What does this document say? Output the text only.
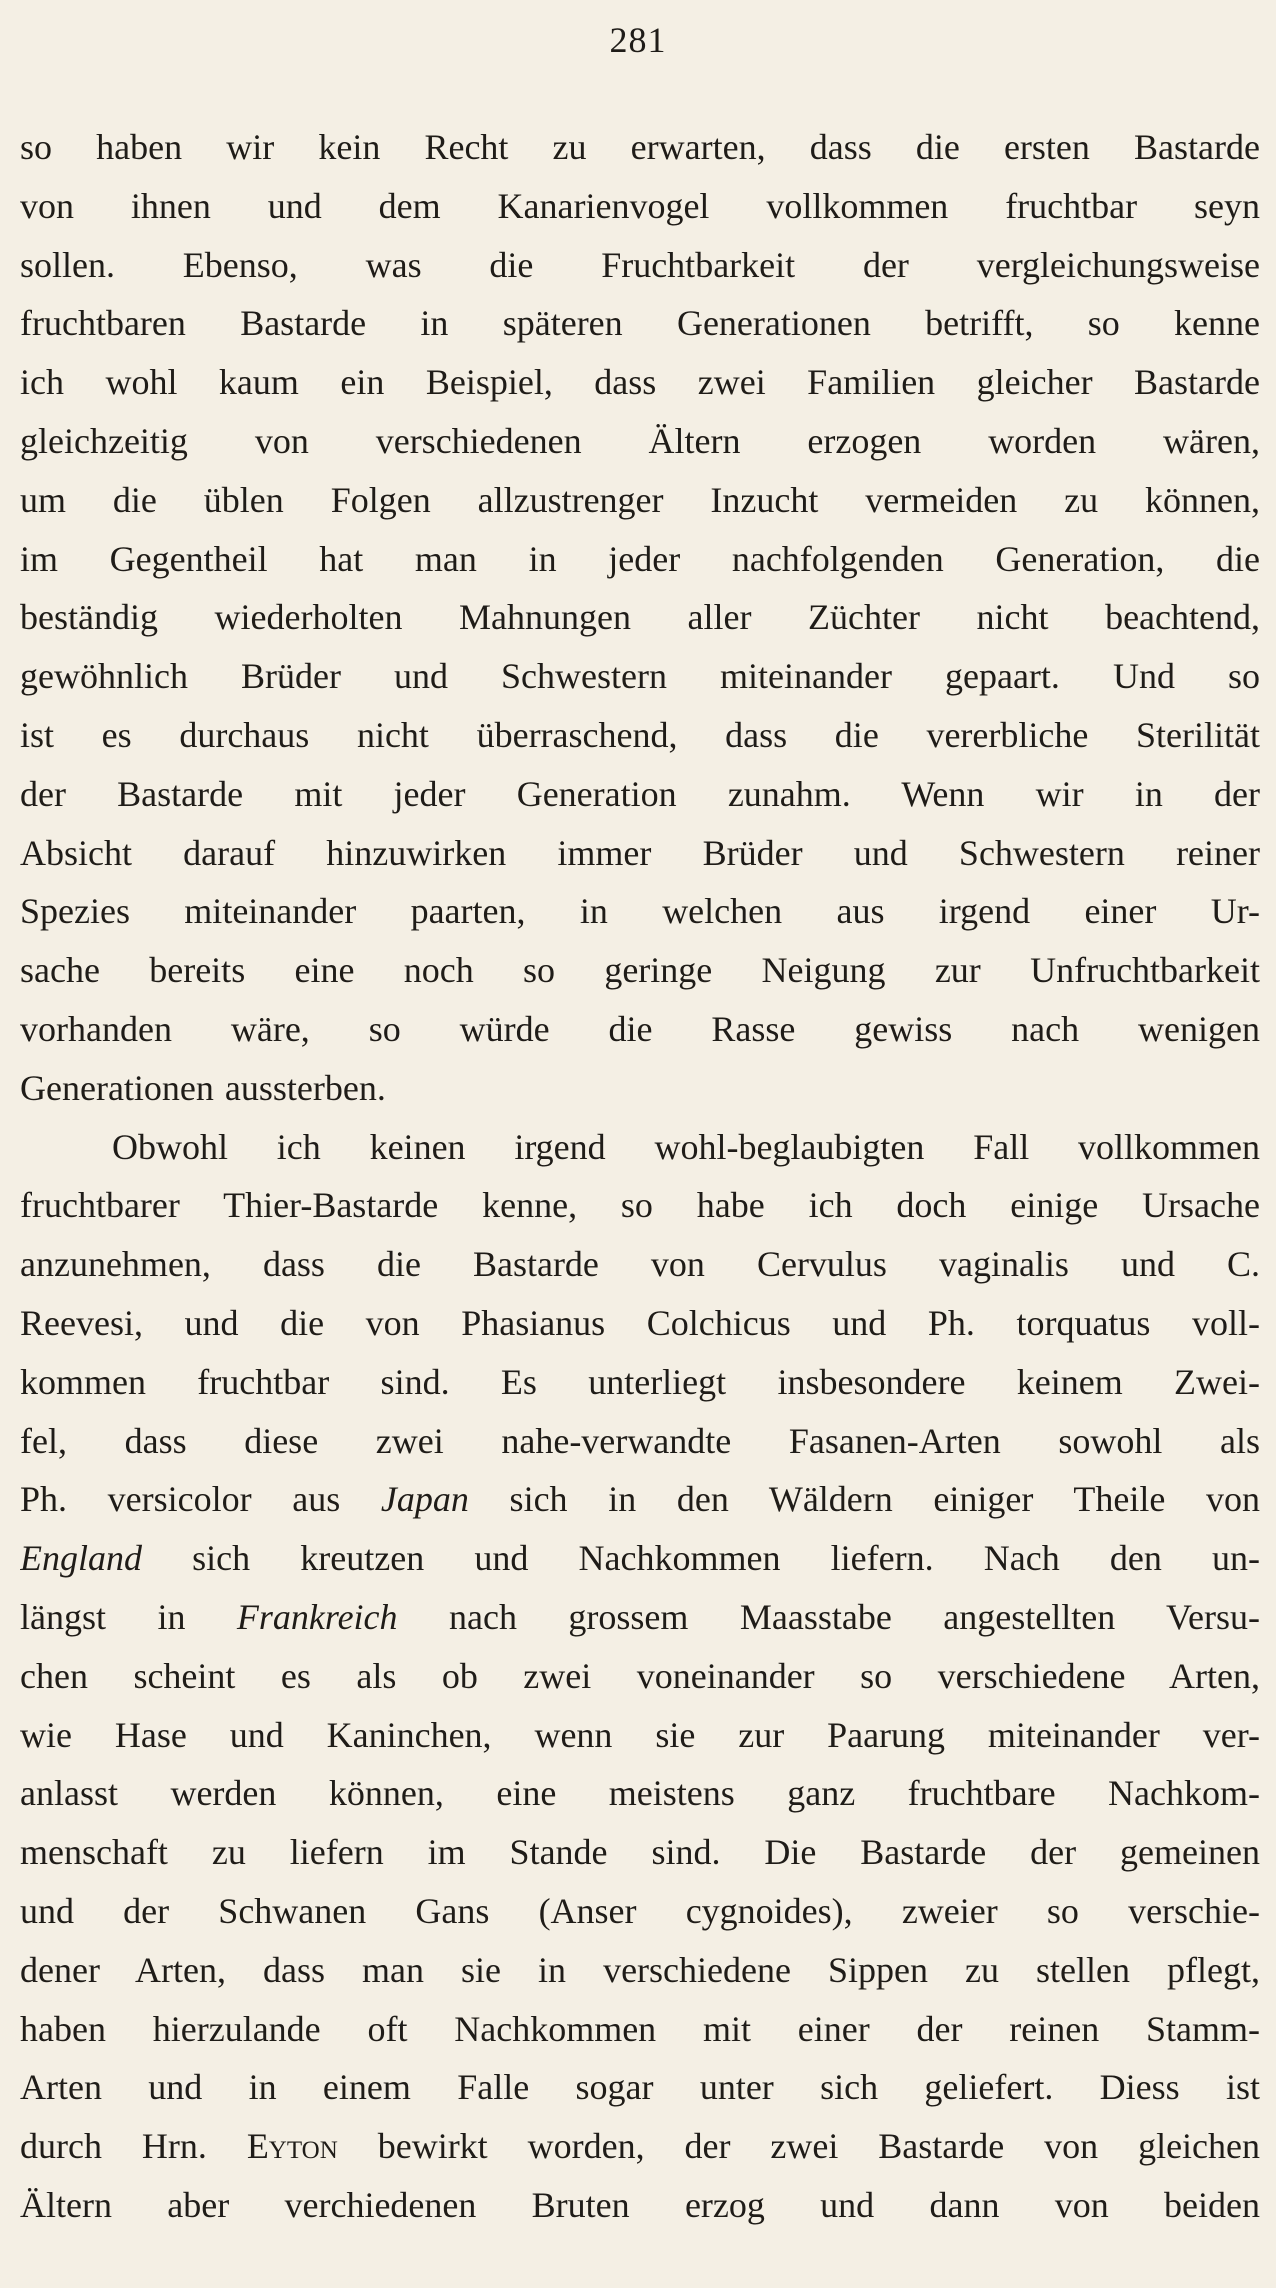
281
so haben wir kein Recht zu erwarten, dass die ersten Bastarde
von ihnen und dem Kanarienvogel vollkommen fruchtbar seyn
sollen. Ebenso, was die Fruchtbarkeit der vergleichungsweise
fruchtbaren Bastarde in späteren Generationen betrifft, so kenne
ich wohl kaum ein Beispiel, dass zwei Familien gleicher Bastarde
gleichzeitig von verschiedenen Ältern erzogen worden wären,
um die üblen Folgen allzustrenger Inzucht vermeiden zu können,
im Gegentheil hat man in jeder nachfolgenden Generation, die
beständig wiederholten Mahnungen aller Züchter nicht beachtend,
gewöhnlich Brüder und Schwestern miteinander gepaart. Und so
ist es durchaus nicht überraschend, dass die vererbliche Sterilität
der Bastarde mit jeder Generation zunahm. Wenn wir in der
Absicht darauf hinzuwirken immer Brüder und Schwestern reiner
Spezies miteinander paarten, in welchen aus irgend einer Ur-
sache bereits eine noch so geringe Neigung zur Unfruchtbarkeit
vorhanden wäre, so würde die Rasse gewiss nach wenigen
Generationen aussterben.
Obwohl ich keinen irgend wohl-beglaubigten Fall vollkommen
fruchtbarer Thier-Bastarde kenne, so habe ich doch einige Ursache
anzunehmen, dass die Bastarde von Cervulus vaginalis und C.
Reevesi, und die von Phasianus Colchicus und Ph. torquatus voll-
kommen fruchtbar sind. Es unterliegt insbesondere keinem Zwei-
fel, dass diese zwei nahe-verwandte Fasanen-Arten sowohl als
Ph. versicolor aus Japan sich in den Wäldern einiger Theile von
England sich kreutzen und Nachkommen liefern. Nach den un-
längst in Frankreich nach grossem Maasstabe angestellten Versu-
chen scheint es als ob zwei voneinander so verschiedene Arten,
wie Hase und Kaninchen, wenn sie zur Paarung miteinander ver-
anlasst werden können, eine meistens ganz fruchtbare Nachkom-
menschaft zu liefern im Stande sind. Die Bastarde der gemeinen
und der Schwanen Gans (Anser cygnoides), zweier so verschie-
dener Arten, dass man sie in verschiedene Sippen zu stellen pflegt,
haben hierzulande oft Nachkommen mit einer der reinen Stamm-
Arten und in einem Falle sogar unter sich geliefert. Diess ist
durch Hrn. Eyton bewirkt worden, der zwei Bastarde von gleichen
Ältern aber verchiedenen Bruten erzog und dann von beiden
